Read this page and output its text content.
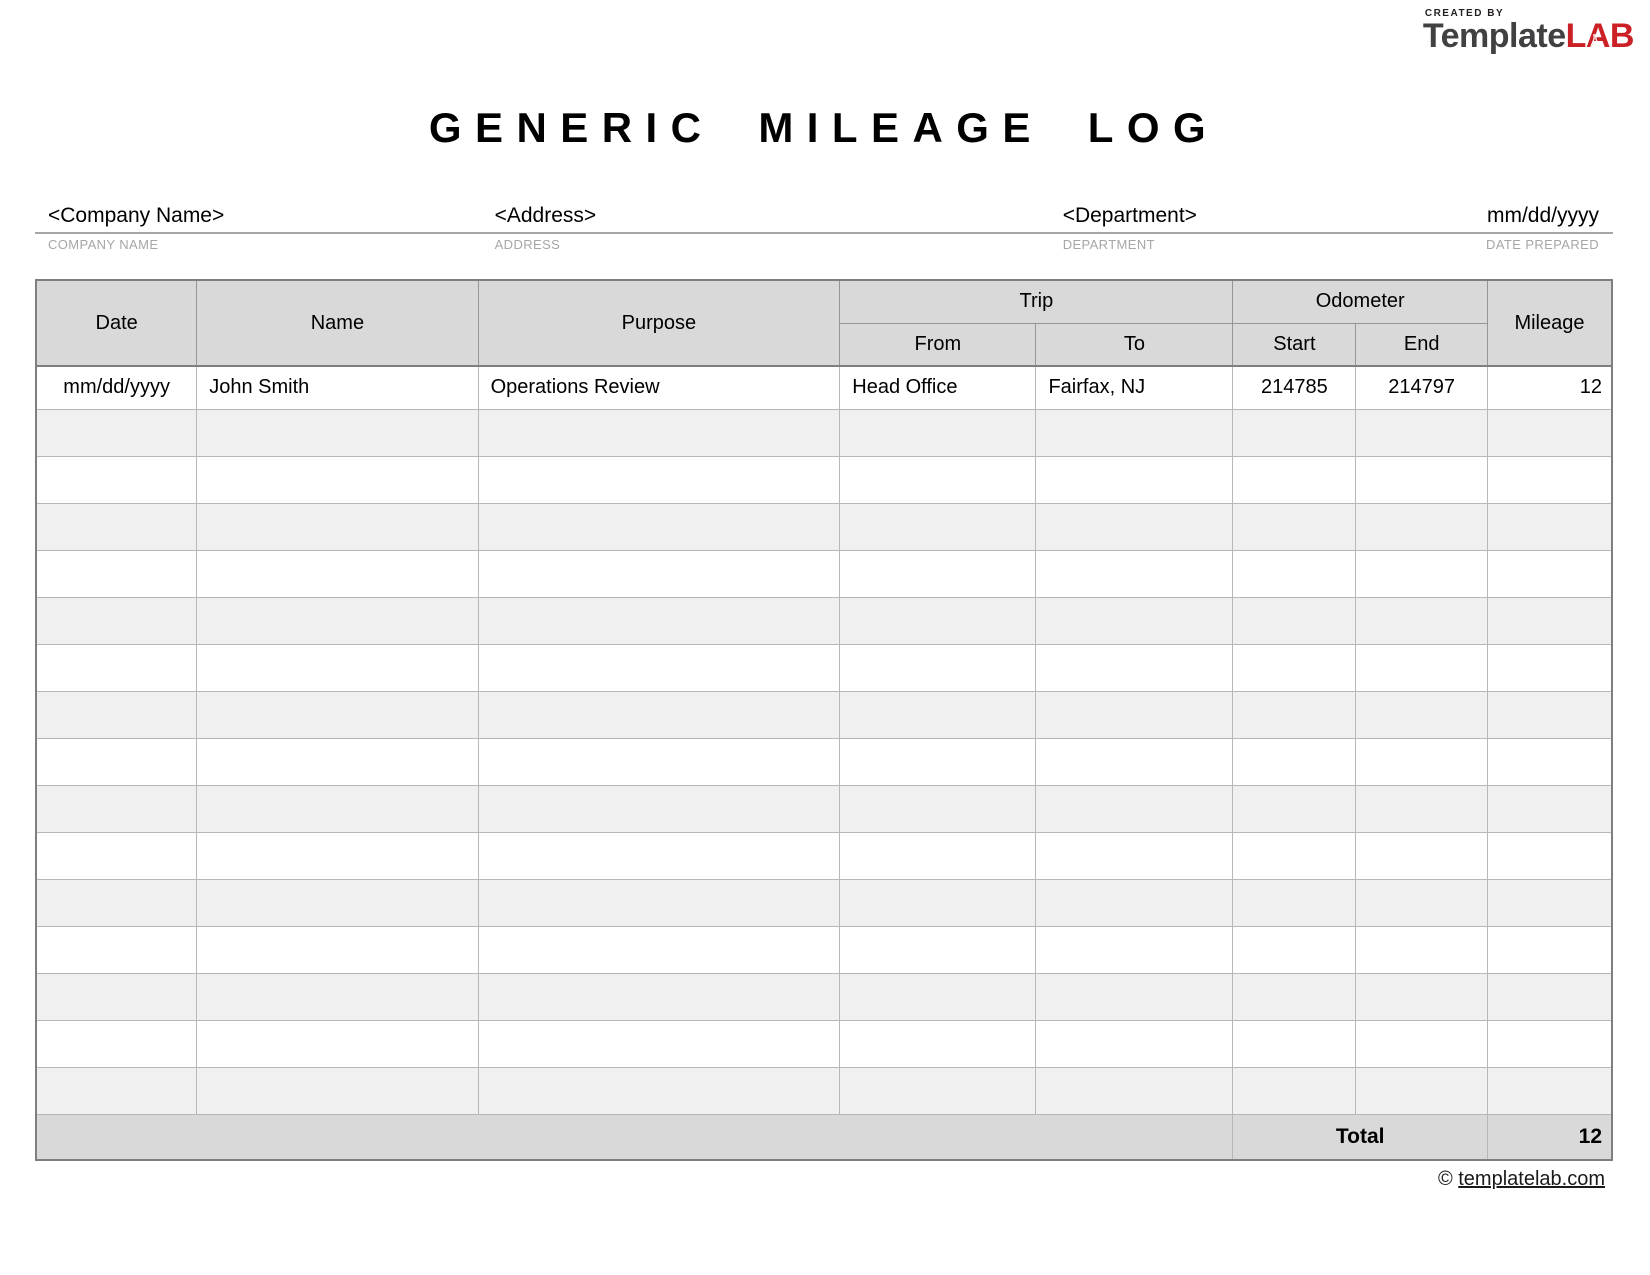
CREATED BY
TemplateLAB
GENERIC MILEAGE LOG
<Company Name>	<Address>	<Department>	mm/dd/yyyy
COMPANY NAME	ADDRESS	DEPARTMENT	DATE PREPARED
Date	Name	Purpose	Trip		Odometer		Mileage
			From	To	Start	End	
mm/dd/yyyy	John Smith	Operations Review	Head Office	Fairfax, NJ	214785	214797	12

					Total		12
© templatelab.com
